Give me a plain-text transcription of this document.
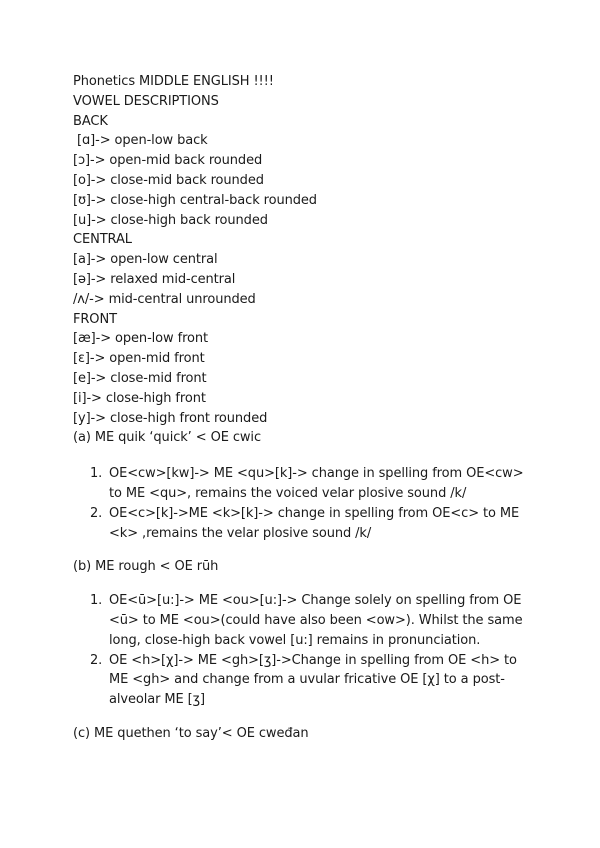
Phonetics MIDDLE ENGLISH !!!!
VOWEL DESCRIPTIONS
BACK
[ɑ]-> open-low back
[ɔ]-> open-mid back rounded
[o]-> close-mid back rounded
[ʊ]-> close-high central-back rounded
[u]-> close-high back rounded
CENTRAL
[a]-> open-low central
[ə]-> relaxed mid-central
/ʌ/-> mid-central unrounded
FRONT
[æ]-> open-low front
[ɛ]-> open-mid front
[e]-> close-mid front
[i]-> close-high front
[y]-> close-high front rounded
(a) ME quik ‘quick’ < OE cwic
1. OE<cw>[kw]-> ME <qu>[k]-> change in spelling from OE<cw> to ME <qu>, remains the voiced velar plosive sound /k/
2. OE<c>[k]->ME <k>[k]-> change in spelling from OE<c> to ME <k> ,remains the velar plosive sound /k/
(b) ME rough < OE rūh
1. OE<ū>[u:]-> ME <ou>[u:]-> Change solely on spelling from OE <ū> to ME <ou>(could have also been <ow>). Whilst the same long, close-high back vowel [u:] remains in pronunciation.
2. OE <h>[χ]-> ME <gh>[ʒ]->Change in spelling from OE <h> to ME <gh> and change from a uvular fricative OE [χ] to a post-alveolar ME [ʒ]
(c) ME quethen ‘to say’< OE cweđan
